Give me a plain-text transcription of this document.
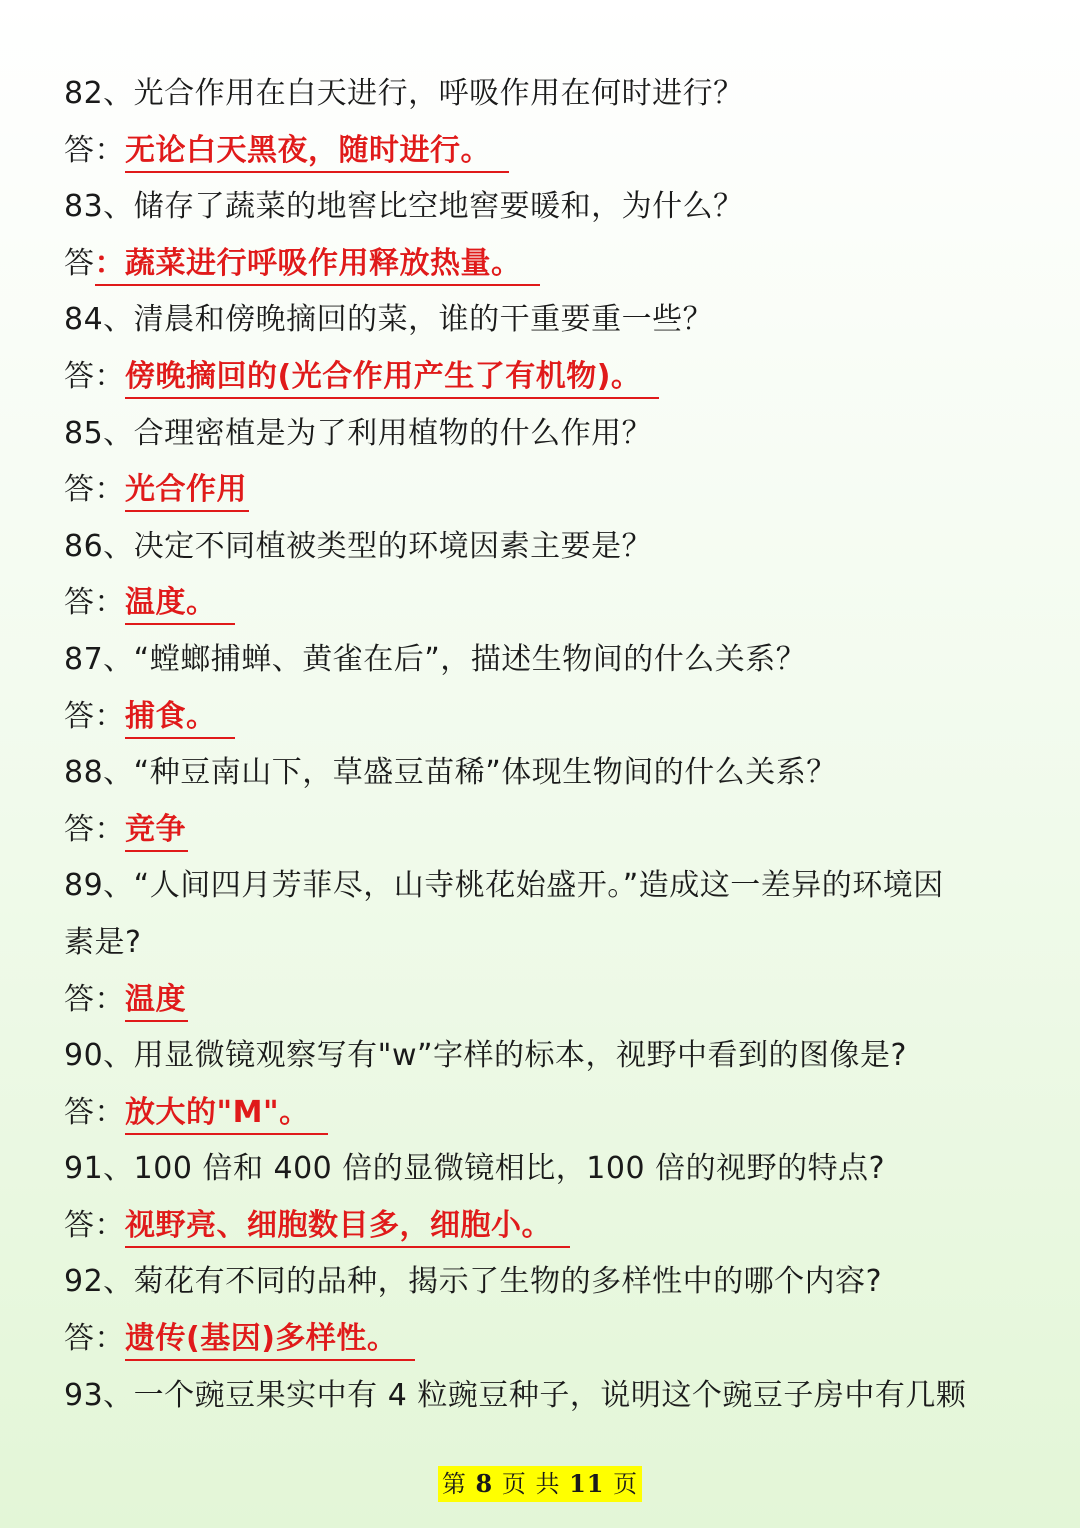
82、光合作用在白天进行，呼吸作用在何时进行？
答：无论白天黑夜，随时进行。
83、储存了蔬菜的地窖比空地窖要暖和，为什么？
答：蔬菜进行呼吸作用释放热量。
84、清晨和傍晚摘回的菜，谁的干重要重一些？
答：傍晚摘回的(光合作用产生了有机物)。
85、合理密植是为了利用植物的什么作用？
答：光合作用
86、决定不同植被类型的环境因素主要是？
答：温度。
87、“螳螂捕蝉、黄雀在后”，描述生物间的什么关系？
答：捕食。
88、“种豆南山下，草盛豆苗稀”体现生物间的什么关系？
答：竞争
89、“人间四月芳菲尽，山寺桃花始盛开。”造成这一差异的环境因
素是?
答：温度
90、用显微镜观察写有"w”字样的标本，视野中看到的图像是?
答：放大的"M"。
91、100 倍和 400 倍的显微镜相比，100 倍的视野的特点?
答：视野亮、细胞数目多，细胞小。
92、菊花有不同的品种，揭示了生物的多样性中的哪个内容?
答：遗传(基因)多样性。
93、一个豌豆果实中有 4 粒豌豆种子，说明这个豌豆子房中有几颗
第 8 页 共 11 页
